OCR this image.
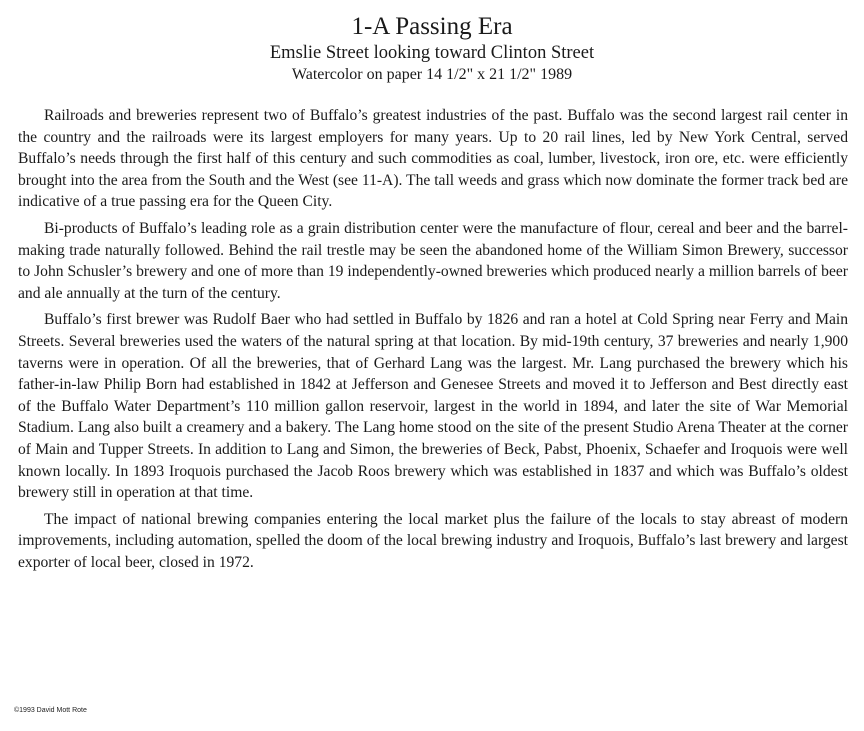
1-A Passing Era

Emslie Street looking toward Clinton Street

Watercolor on paper 14 1/2" x 21 1/2" 1989

Railroads and breweries represent two of Buffalo’s greatest industries of the past. Buffalo was the second largest rail center in the country and the railroads were its largest employers for many years. Up to 20 rail lines, led by New York Central, served Buffalo’s needs through the first half of this century and such commodities as coal, lumber, livestock, iron ore, etc. were efficiently brought into the area from the South and the West (see 11-A). The tall weeds and grass which now dominate the former track bed are indicative of a true passing era for the Queen City.

Bi-products of Buffalo’s leading role as a grain distribution center were the manufacture of flour, cereal and beer and the barrel-making trade naturally followed. Behind the rail trestle may be seen the abandoned home of the William Simon Brewery, successor to John Schusler’s brewery and one of more than 19 independently-owned breweries which produced nearly a million barrels of beer and ale annually at the turn of the century.

Buffalo’s first brewer was Rudolf Baer who had settled in Buffalo by 1826 and ran a hotel at Cold Spring near Ferry and Main Streets. Several breweries used the waters of the natural spring at that location. By mid-19th century, 37 breweries and nearly 1,900 taverns were in operation. Of all the breweries, that of Gerhard Lang was the largest. Mr. Lang purchased the brewery which his father-in-law Philip Born had established in 1842 at Jefferson and Genesee Streets and moved it to Jefferson and Best directly east of the Buffalo Water Department’s 110 million gallon reservoir, largest in the world in 1894, and later the site of War Memorial Stadium. Lang also built a creamery and a bakery. The Lang home stood on the site of the present Studio Arena Theater at the corner of Main and Tupper Streets. In addition to Lang and Simon, the breweries of Beck, Pabst, Phoenix, Schaefer and Iroquois were well known locally. In 1893 Iroquois purchased the Jacob Roos brewery which was established in 1837 and which was Buffalo’s oldest brewery still in operation at that time.

The impact of national brewing companies entering the local market plus the failure of the locals to stay abreast of modern improvements, including automation, spelled the doom of the local brewing industry and Iroquois, Buffalo’s last brewery and largest exporter of local beer, closed in 1972.

©1993 David Mott Rote
